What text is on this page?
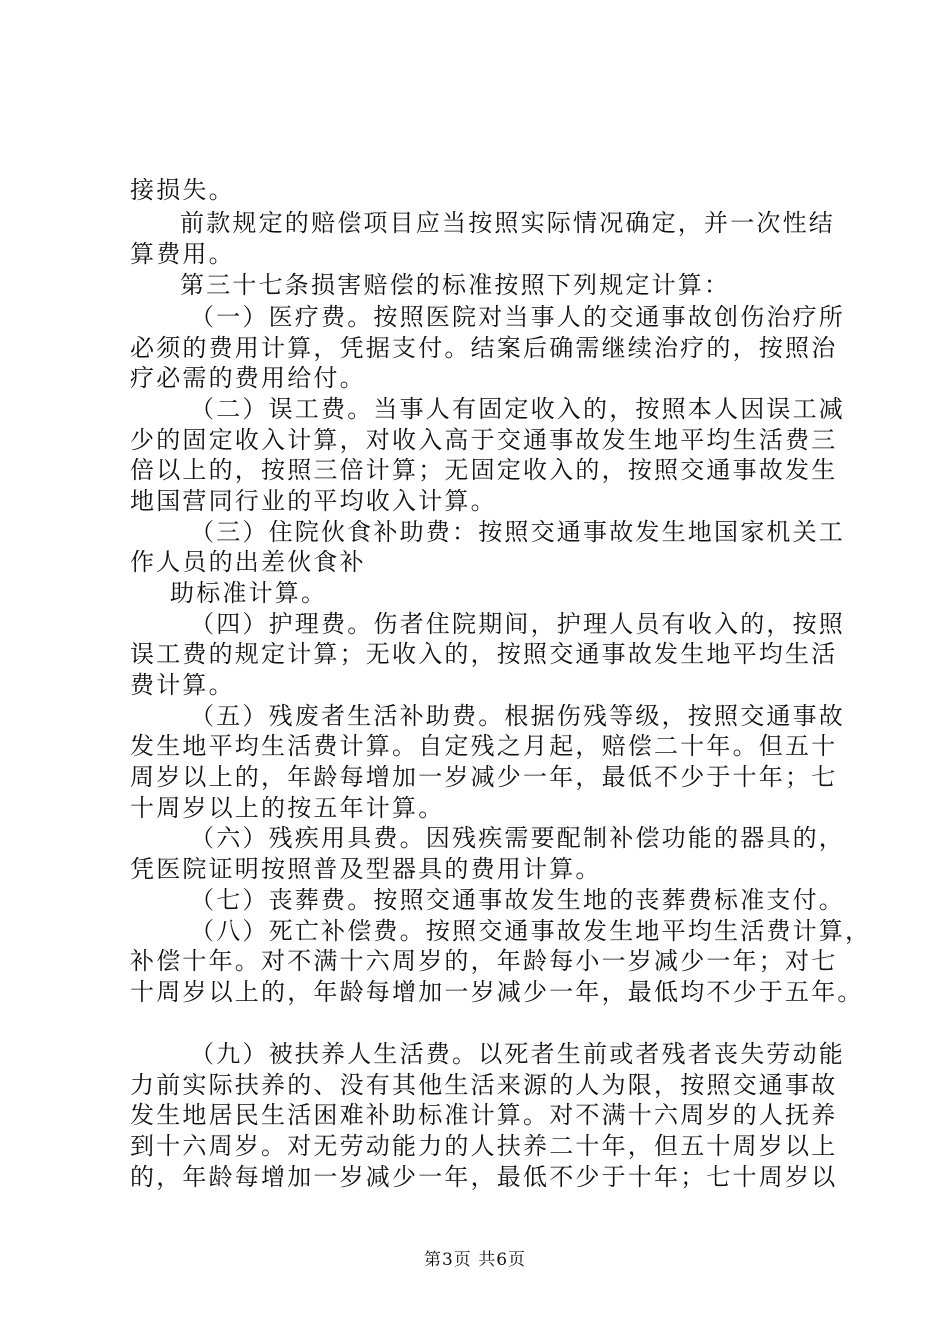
接损失。
前款规定的赔偿项目应当按照实际情况确定，并一次性结
算费用。
第三十七条损害赔偿的标准按照下列规定计算：
（一）医疗费。按照医院对当事人的交通事故创伤治疗所
必须的费用计算，凭据支付。结案后确需继续治疗的，按照治
疗必需的费用给付。
（二）误工费。当事人有固定收入的，按照本人因误工减
少的固定收入计算，对收入高于交通事故发生地平均生活费三
倍以上的，按照三倍计算；无固定收入的，按照交通事故发生
地国营同行业的平均收入计算。
（三）住院伙食补助费：按照交通事故发生地国家机关工
作人员的出差伙食补
助标准计算。
（四）护理费。伤者住院期间，护理人员有收入的，按照
误工费的规定计算；无收入的，按照交通事故发生地平均生活
费计算。
（五）残废者生活补助费。根据伤残等级，按照交通事故
发生地平均生活费计算。自定残之月起，赔偿二十年。但五十
周岁以上的，年龄每增加一岁减少一年，最低不少于十年；七
十周岁以上的按五年计算。
（六）残疾用具费。因残疾需要配制补偿功能的器具的，
凭医院证明按照普及型器具的费用计算。
（七）丧葬费。按照交通事故发生地的丧葬费标准支付。
（八）死亡补偿费。按照交通事故发生地平均生活费计算，
补偿十年。对不满十六周岁的，年龄每小一岁减少一年；对七
十周岁以上的，年龄每增加一岁减少一年，最低均不少于五年。
（九）被扶养人生活费。以死者生前或者残者丧失劳动能
力前实际扶养的、没有其他生活来源的人为限，按照交通事故
发生地居民生活困难补助标准计算。对不满十六周岁的人抚养
到十六周岁。对无劳动能力的人扶养二十年，但五十周岁以上
的，年龄每增加一岁减少一年，最低不少于十年；七十周岁以
第3页 共6页
